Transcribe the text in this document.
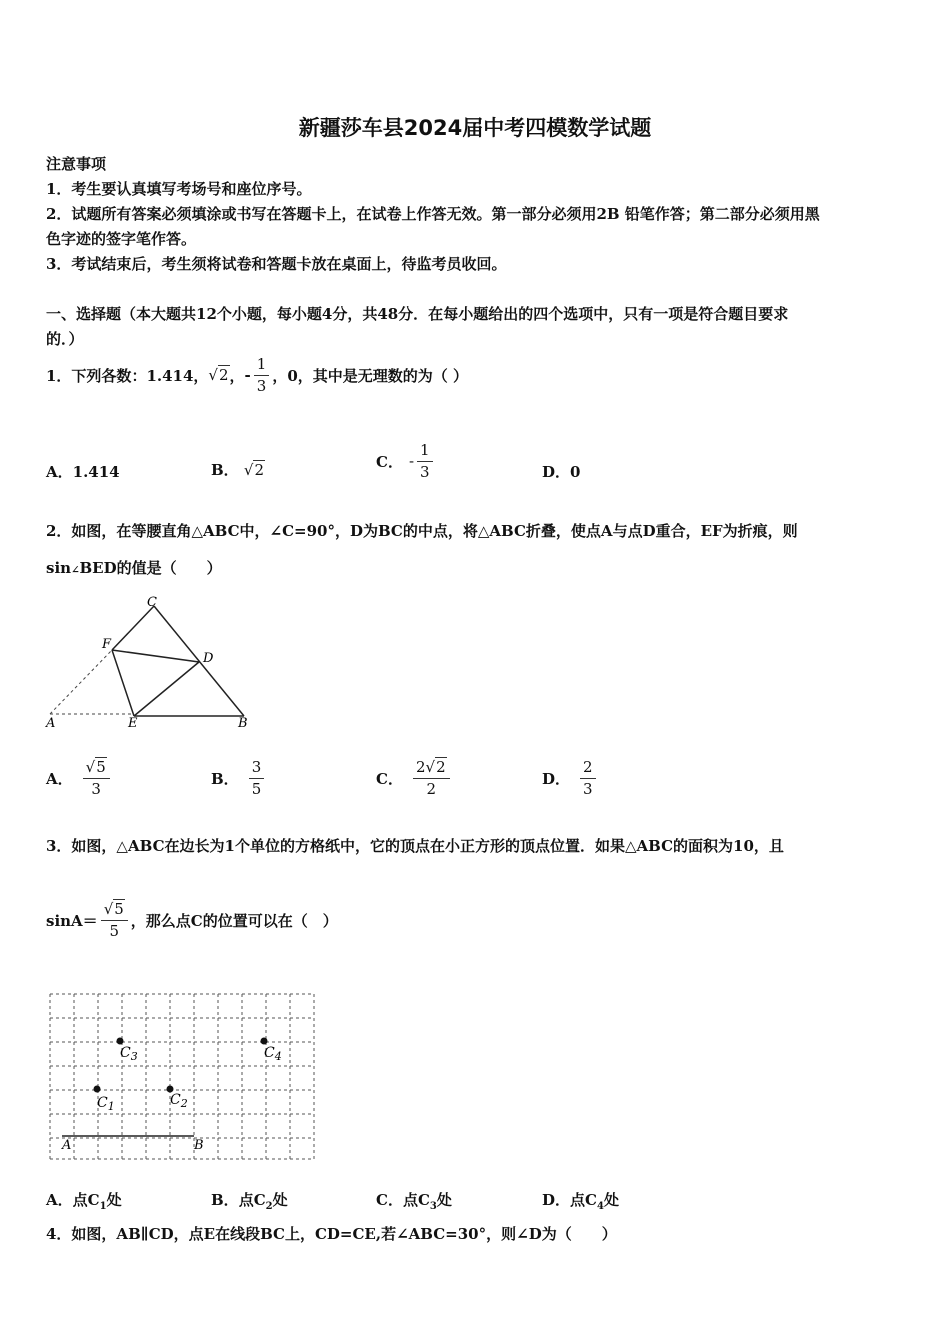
新疆莎车县2024届中考四模数学试题
注意事项
1．考生要认真填写考场号和座位序号。
2．试题所有答案必须填涂或书写在答题卡上，在试卷上作答无效。第一部分必须用2B 铅笔作答；第二部分必须用黑
色字迹的签字笔作答。
3．考试结束后，考生须将试卷和答题卡放在桌面上，待监考员收回。
一、选择题（本大题共12个小题，每小题4分，共48分．在每小题给出的四个选项中，只有一项是符合题目要求
的．）
1．下列各数：1.414， √2 ， - $\frac{1}{3}$ ，0，其中是无理数的为（ ）
A．1.414	B． √2	C． - $\frac{1}{3}$	D．0
2．如图，在等腰直角△ABC中，∠C=90°，D为BC的中点，将△ABC折叠，使点A与点D重合，EF为折痕，则
sin∠BED的值是（　　）
C
F
D
A	E	B
A． $\frac{√5}{3}$	B． $\frac{3}{5}$	C． $\frac{2√2}{2}$	D． $\frac{2}{3}$
3．如图，△ABC在边长为1个单位的方格纸中，它的顶点在小正方形的顶点位置．如果△ABC的面积为10，且
$\sin A= \frac{√5}{5}$ ，那么点C的位置可以在（　）
$C_3$	$C_4$
$C_1$	$C_2$
A	B
A．点$C_1$处	B．点$C_2$处	C．点$C_3$处	D．点$C_4$处
4．如图，AB∥CD，点E在线段BC上，CD=CE,若∠ABC=30°，则∠D为（　　）
